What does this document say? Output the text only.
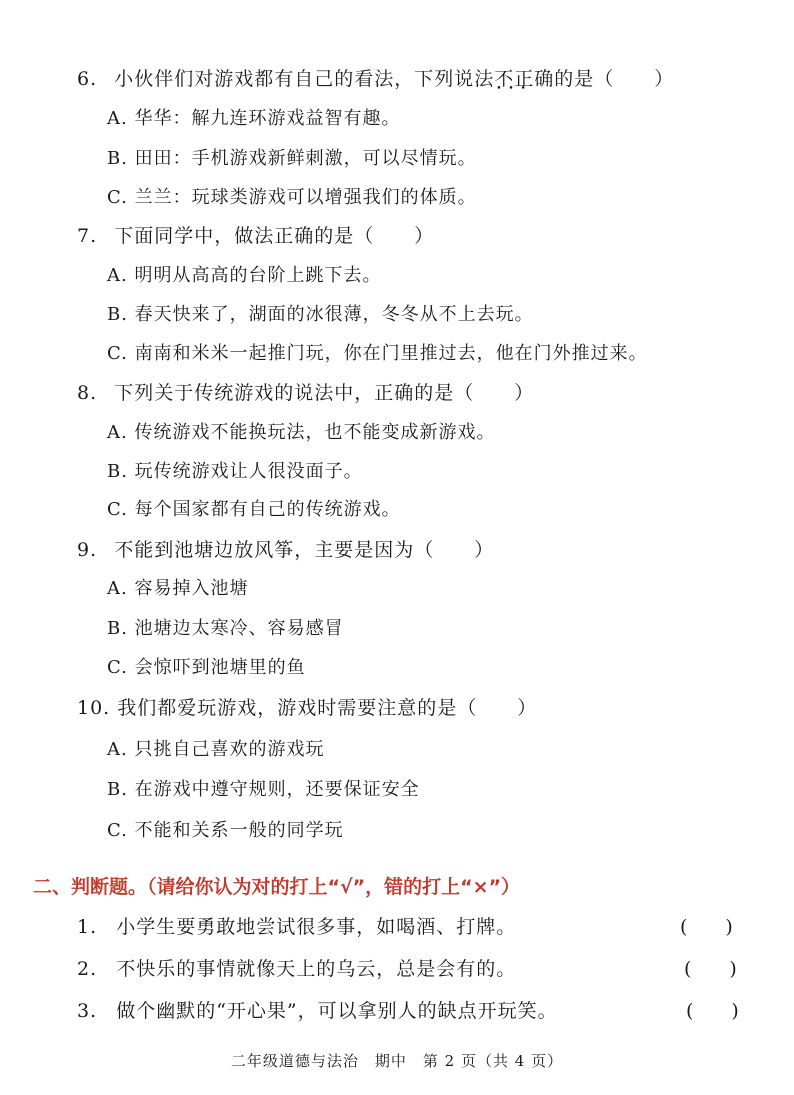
6. 小伙伴们对游戏都有自己的看法，下列说法• • • 不正确的是（　　）
A. 华华：解九连环游戏益智有趣。
B. 田田：手机游戏新鲜刺激，可以尽情玩。
C. 兰兰：玩球类游戏可以增强我们的体质。
7. 下面同学中，做法正确的是（　　）
A. 明明从高高的台阶上跳下去。
B. 春天快来了，湖面的冰很薄，冬冬从不上去玩。
C. 南南和米米一起推门玩，你在门里推过去，他在门外推过来。
8. 下列关于传统游戏的说法中，正确的是（　　）
A. 传统游戏不能换玩法，也不能变成新游戏。
B. 玩传统游戏让人很没面子。
C. 每个国家都有自己的传统游戏。
9. 不能到池塘边放风筝，主要是因为（　　）
A. 容易掉入池塘
B. 池塘边太寒冷、容易感冒
C. 会惊吓到池塘里的鱼
10. 我们都爱玩游戏，游戏时需要注意的是（　　）
A. 只挑自己喜欢的游戏玩
B. 在游戏中遵守规则，还要保证安全
C. 不能和关系一般的同学玩
二、判断题。（请给你认为对的打上“√”，错的打上“×”）
1. 小学生要勇敢地尝试很多事，如喝酒、打牌。	(　　)
2. 不快乐的事情就像天上的乌云，总是会有的。	(　　)
3. 做个幽默的“开心果”，可以拿别人的缺点开玩笑。	(　　)
二年级道德与法治　期中　第 2 页（共 4 页）
